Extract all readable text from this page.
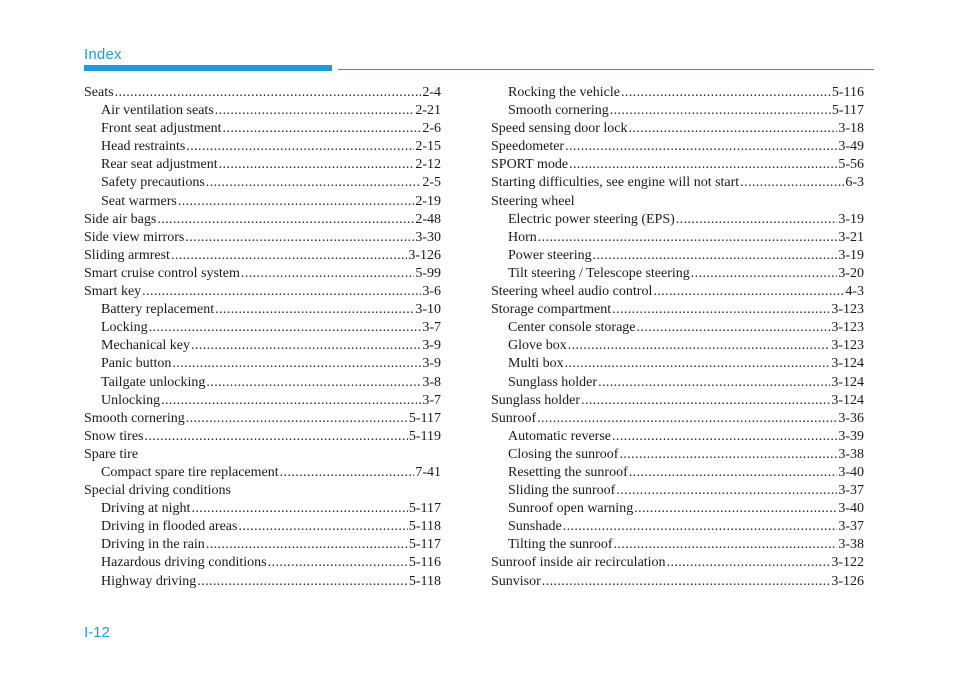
Index
Seats .....	2-4
Air ventilation seats .....	2-21
Front seat adjustment .....	2-6
Head restraints .....	2-15
Rear seat adjustment .....	2-12
Safety precautions .....	2-5
Seat warmers .....	2-19
Side air bags .....	2-48
Side view mirrors .....	3-30
Sliding armrest .....	3-126
Smart cruise control system .....	5-99
Smart key .....	3-6
Battery replacement .....	3-10
Locking .....	3-7
Mechanical key .....	3-9
Panic button .....	3-9
Tailgate unlocking .....	3-8
Unlocking .....	3-7
Smooth cornering .....	5-117
Snow tires .....	5-119
Spare tire
Compact spare tire replacement .....	7-41
Special driving conditions
Driving at night .....	5-117
Driving in flooded areas .....	5-118
Driving in the rain .....	5-117
Hazardous driving conditions .....	5-116
Highway driving .....	5-118
Rocking the vehicle .....	5-116
Smooth cornering .....	5-117
Speed sensing door lock .....	3-18
Speedometer .....	3-49
SPORT mode .....	5-56
Starting difficulties, see engine will not start .....	6-3
Steering wheel
Electric power steering (EPS) .....	3-19
Horn .....	3-21
Power steering .....	3-19
Tilt steering / Telescope steering .....	3-20
Steering wheel audio control .....	4-3
Storage compartment .....	3-123
Center console storage .....	3-123
Glove box .....	3-123
Multi box .....	3-124
Sunglass holder .....	3-124
Sunglass holder .....	3-124
Sunroof .....	3-36
Automatic reverse .....	3-39
Closing the sunroof .....	3-38
Resetting the sunroof .....	3-40
Sliding the sunroof .....	3-37
Sunroof open warning .....	3-40
Sunshade .....	3-37
Tilting the sunroof .....	3-38
Sunroof inside air recirculation .....	3-122
Sunvisor .....	3-126
I-12
